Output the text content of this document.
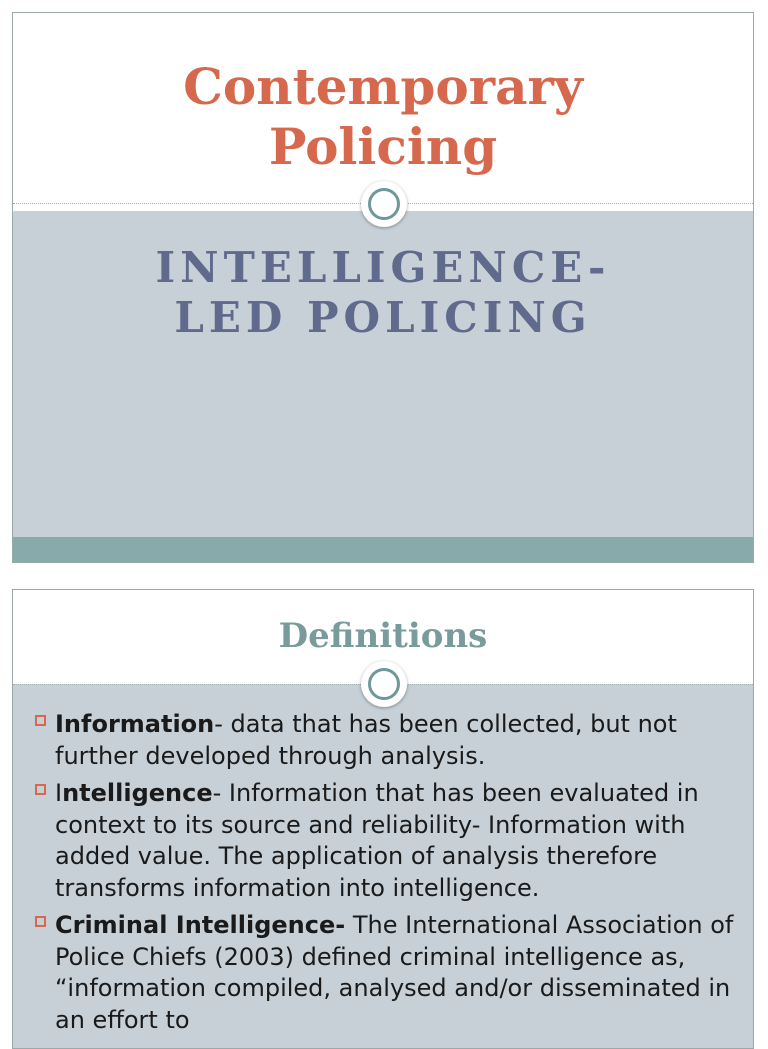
Contemporary
Policing
INTELLIGENCE-
LED POLICING
Definitions
Information- data that has been collected, but not further developed through analysis.
Intelligence- Information that has been evaluated in context to its source and reliability- Information with added value. The application of analysis therefore transforms information into intelligence.
Criminal Intelligence- The International Association of Police Chiefs (2003) defined criminal intelligence as, “information compiled, analysed and/or disseminated in an effort to
